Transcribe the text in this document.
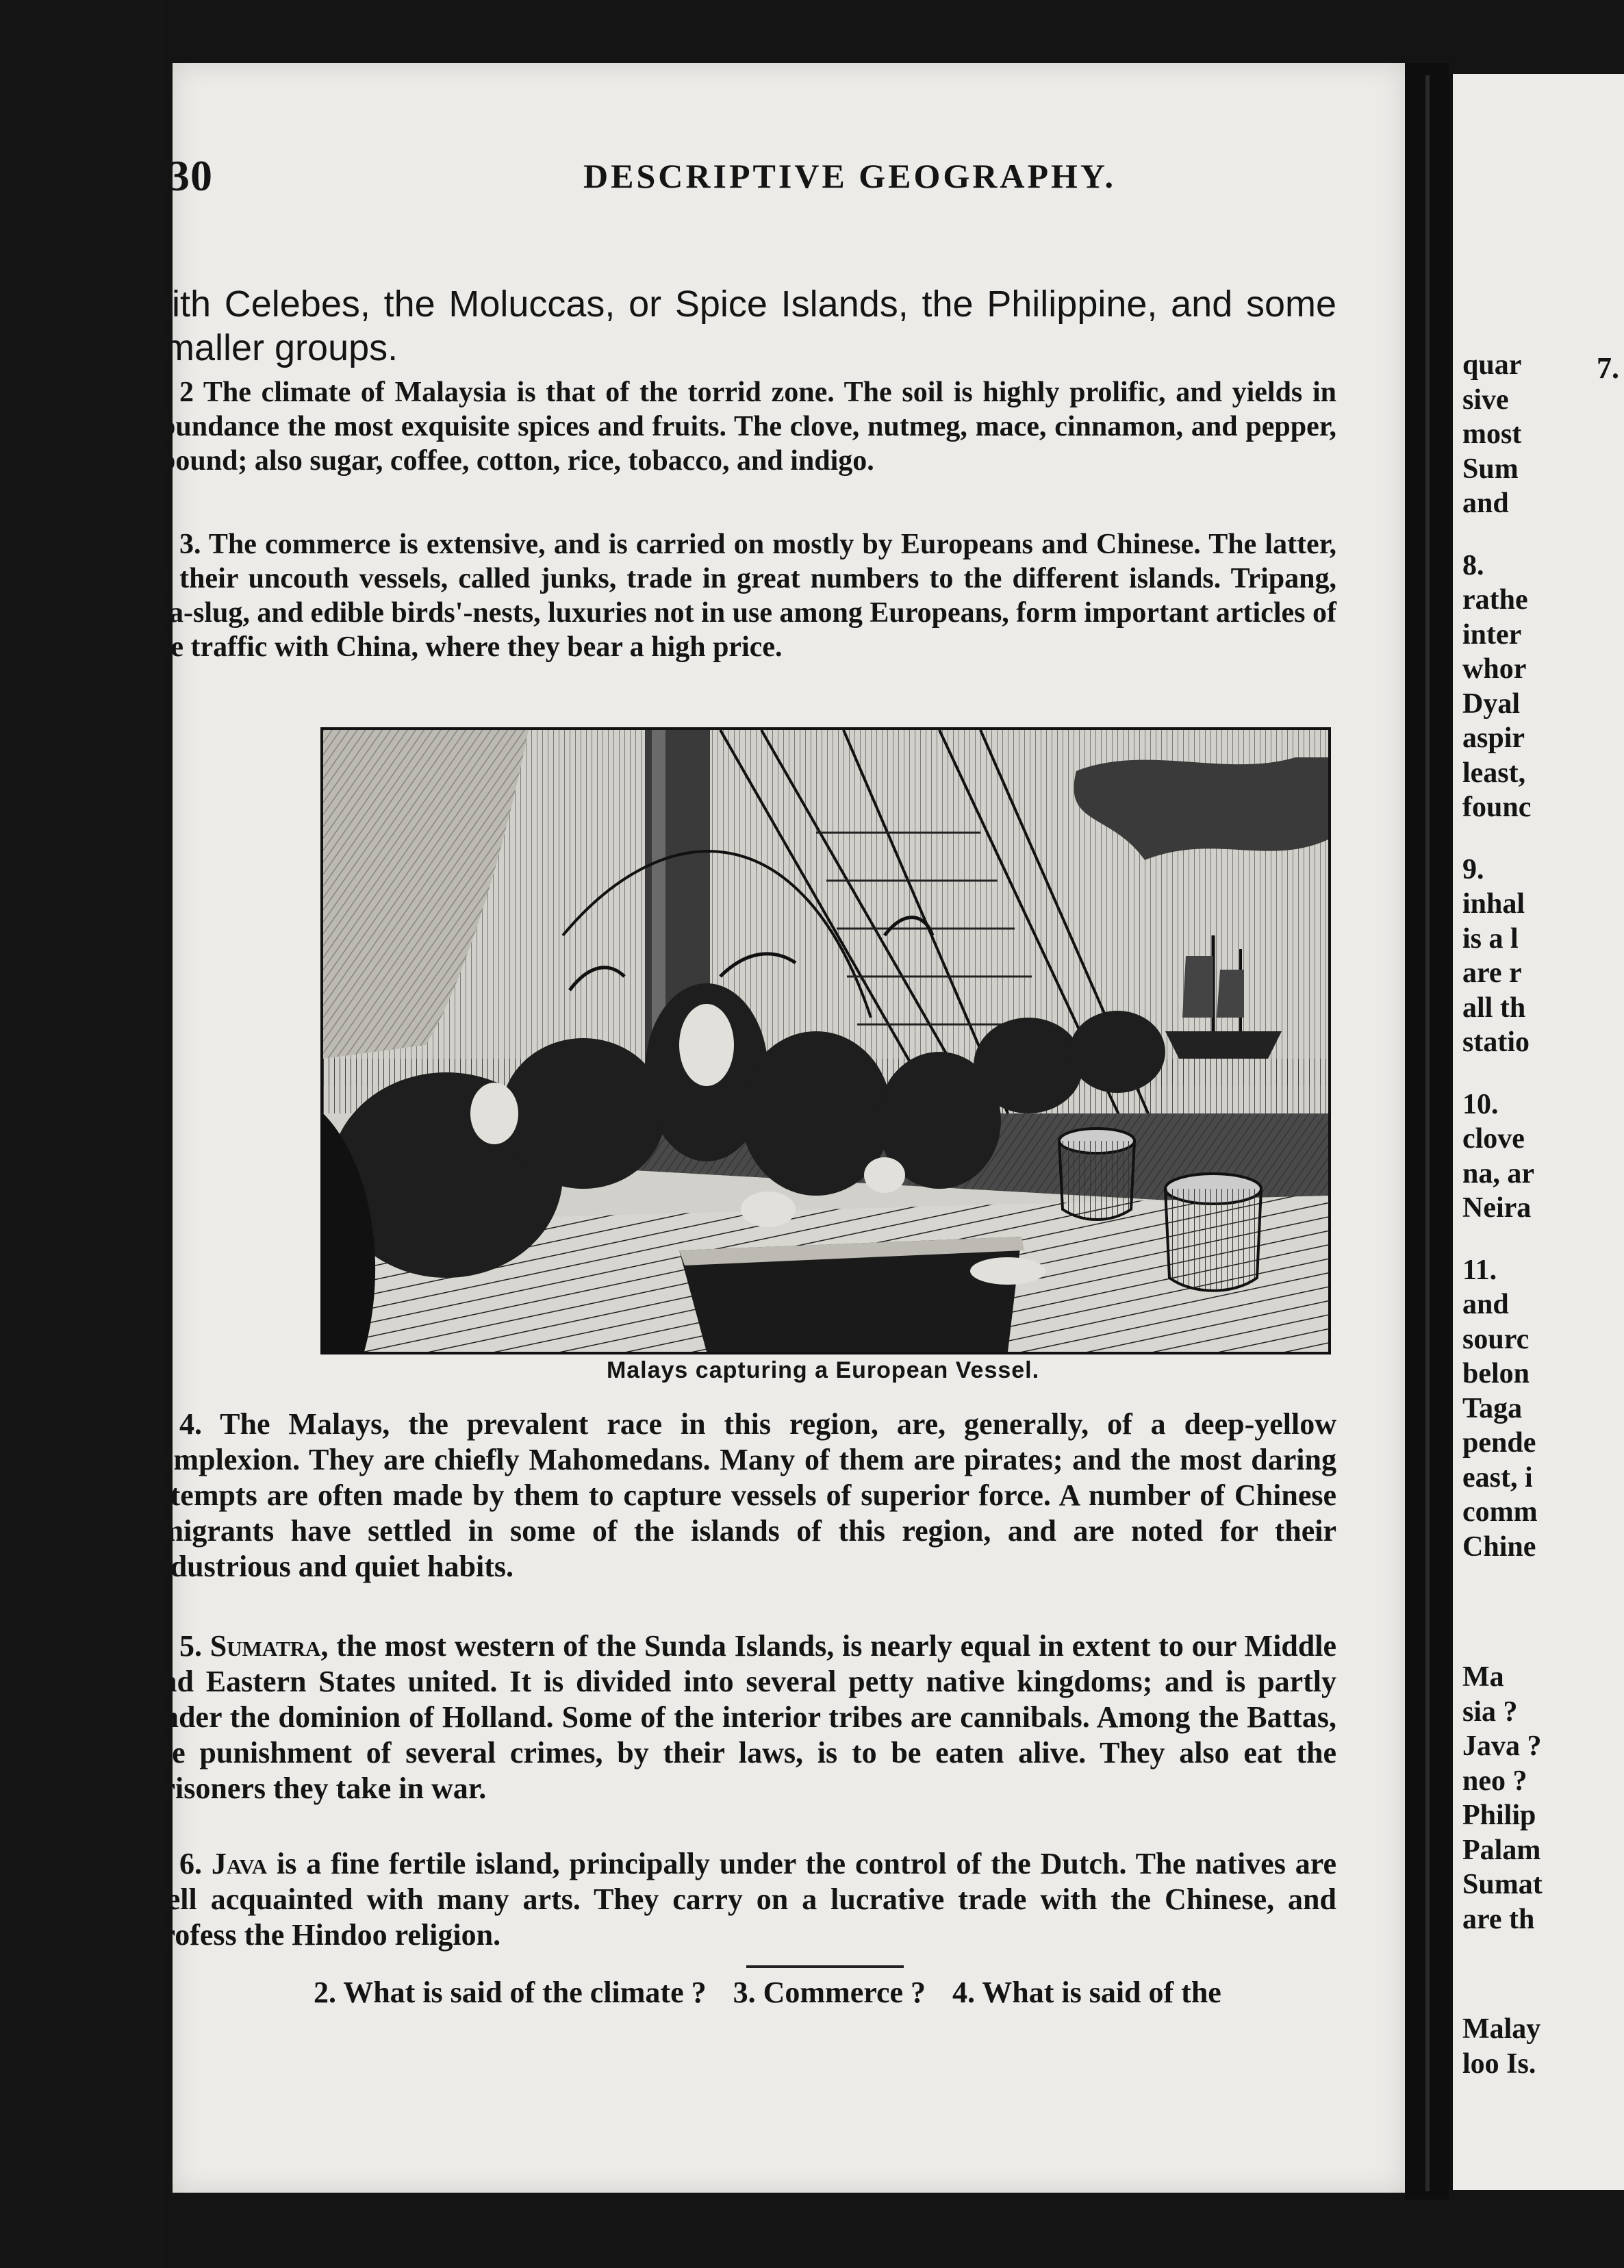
330	DESCRIPTIVE GEOGRAPHY.
with Celebes, the Moluccas, or Spice Islands, the Philippine, and some smaller groups.
2 The climate of Malaysia is that of the torrid zone. The soil is highly prolific, and yields in abundance the most exquisite spices and fruits. The clove, nutmeg, mace, cinnamon, and pepper, abound; also sugar, coffee, cotton, rice, tobacco, and indigo.
3. The commerce is extensive, and is carried on mostly by Europeans and Chinese. The latter, in their uncouth vessels, called junks, trade in great numbers to the different islands. Tripang, sea-slug, and edible birds'-nests, luxuries not in use among Europeans, form important articles of the traffic with China, where they bear a high price.
Malays capturing a European Vessel.
4. The Malays, the prevalent race in this region, are, generally, of a deep-yellow complexion. They are chiefly Mahomedans. Many of them are pirates; and the most daring attempts are often made by them to capture vessels of superior force. A number of Chinese emigrants have settled in some of the islands of this region, and are noted for their industrious and quiet habits.
5. Sumatra, the most western of the Sunda Islands, is nearly equal in extent to our Middle and Eastern States united. It is divided into several petty native kingdoms; and is partly under the dominion of Holland. Some of the interior tribes are cannibals. Among the Battas, the punishment of several crimes, by their laws, is to be eaten alive. They also eat the prisoners they take in war.
6. Java is a fine fertile island, principally under the control of the Dutch. The natives are well acquainted with many arts. They carry on a lucrative trade with the Chinese, and profess the Hindoo religion.
2. What is said of the climate ? 3. Commerce ? 4. What is said of the
7.
quar
sive
most
Sum
and
8.
rathe
inter
whor
Dyal
aspir
least,
founc
9.
inhal
is a l
are r
all th
statio
10.
clove
na, ar
Neira
11.
and
sourc
belon
Taga
pende
east, i
comm
Chine
Ma
sia ?
Java ?
neo ?
Philip
Palam
Sumat
are th
Malay
loo Is.
